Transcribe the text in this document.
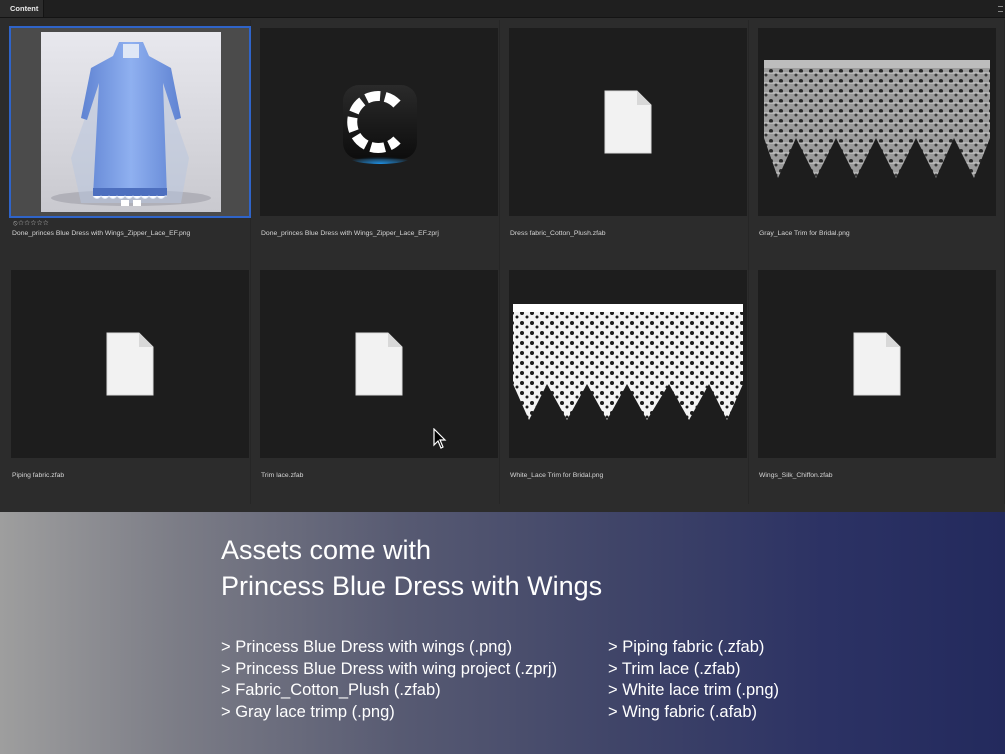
Content
⦸☆☆☆☆☆
Done_princes Blue Dress with Wings_Zipper_Lace_EF.png	Done_princes Blue Dress with Wings_Zipper_Lace_EF.zprj	Dress fabric_Cotton_Plush.zfab	Gray_Lace Trim for Bridal.png
Piping fabric.zfab	Trim lace.zfab	White_Lace Trim for Bridal.png	Wings_Silk_Chiffon.zfab
Assets come with
Princess Blue Dress with Wings
> Princess Blue Dress with wings (.png)
> Princess Blue Dress with wing project (.zprj)
> Fabric_Cotton_Plush (.zfab)
> Gray lace trimp (.png)
> Piping fabric (.zfab)
> Trim lace (.zfab)
> White lace trim (.png)
> Wing fabric (.afab)
